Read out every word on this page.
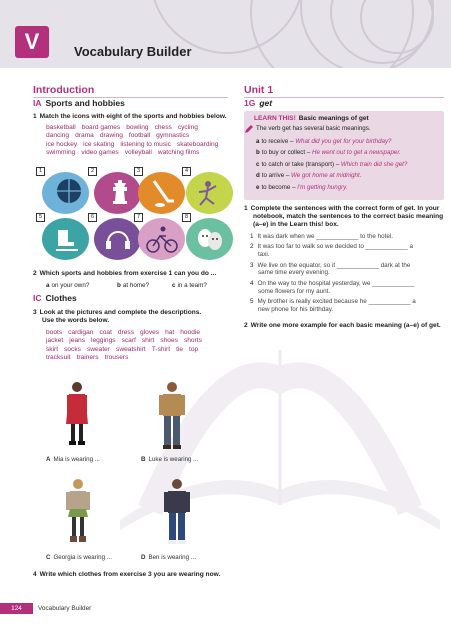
V	Vocabulary Builder
Introduction
IA Sports and hobbies
1 Match the icons with eight of the sports and hobbies below.
basketball board games bowling chess cycling
dancing drama drawing football gymnastics
ice hockey ice skating listening to music skateboarding
swimming video games volleyball watching films
1	2	3	4
5	6	7	8
2 Which sports and hobbies from exercise 1 can you do ...
a on your own?	b at home?	c in a team?
IC Clothes
3 Look at the pictures and complete the descriptions.
Use the words below.
boots cardigan coat dress gloves hat hoodie
jacket jeans leggings scarf shirt shoes shorts
skirt socks sweater sweatshirt T-shirt tie top
tracksuit trainers trousers
A Mia is wearing ...	B Luke is wearing ...
C Georgia is wearing ...	D Ben is wearing ...
4 Write which clothes from exercise 3 you are wearing now.
Unit 1
1G get
LEARN THIS! Basic meanings of get
The verb get has several basic meanings.
a to receive – What did you get for your birthday?
b to buy or collect – He went out to get a newspaper.
c to catch or take (transport) – Which train did she get?
d to arrive – We got home at midnight.
e to become – I'm getting hungry.
1 Complete the sentences with the correct form of get. In your
notebook, match the sentences to the correct basic meaning
(a–e) in the Learn this! box.
1 It was dark when we ____________ to the hotel.
2 It was too far to walk so we decided to ____________ a
taxi.
3 We live on the equator, so it ____________ dark at the
same time every evening.
4 On the way to the hospital yesterday, we ____________
some flowers for my aunt.
5 My brother is really excited because he ____________ a
new phone for his birthday.
2 Write one more example for each basic meaning (a–e) of get.
124	Vocabulary Builder
